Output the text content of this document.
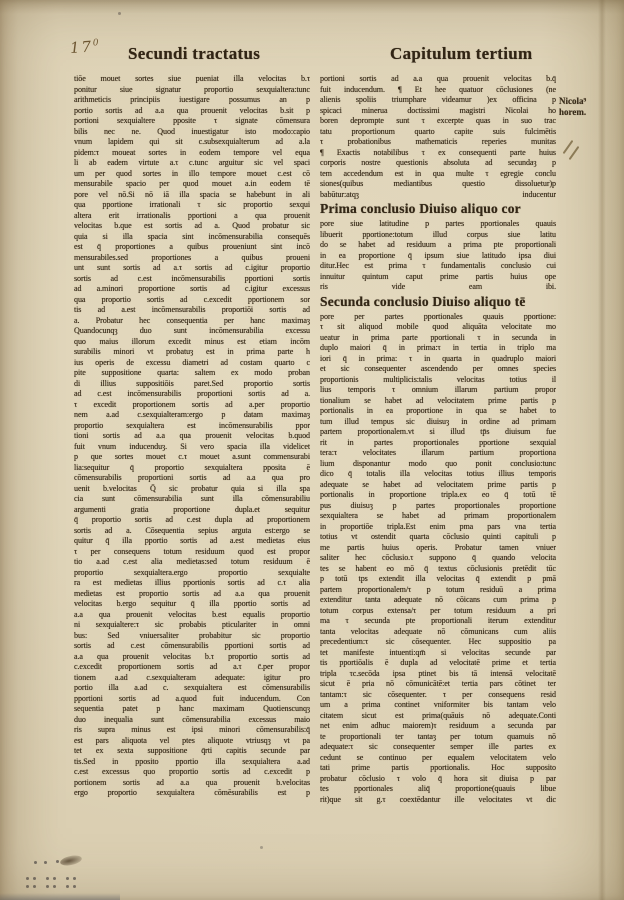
$17^0$
Secundi tractatus	Capitulum tertium
tiōe mouet sortes siue pueniat illa velocitas b.τ
ponitur siue signatur proportio sexquialtera:tunc
arithmeticis principiis iuestigare possumus an p
portio sortis ad a.a qua prouenit velocitas b.sit p
portioni sexquialtere pposite τ signate cōmensura
bilis nec ne. Quod inuestigatur isto modo:capio
vnum lapidem qui sit c.subsexquialterum ad a.la
pidem:τ moueat sortes in eodem tempore vel equa
li ab eadem virtute a.τ c.tunc arguitur sic vel spaci
um per quod sortes in illo tempore mouet c.est cō
mensurabile spacio per quod mouet a.in eodem tē
pore vel nō.Si nō iā illa spacia se habebunt in ali
qua pportione irrationali τ sic proportio sexqui
altera erit irrationalis pportioni a qua prouenit
velocitas b.que est sortis ad a. Quod probatur sic
quia si illa spacia sint incōmensurabilia consequēs
est q̄ proportiones a quibus proueniunt sint incō
mensurabiles.sed proportiones a quibus proueni
unt sunt sortis ad a.τ sortis ad c.igitur proportio
sortis ad c.est incōmensurabilis pportioni sortis
ad a.minori proportione sortis ad c.igitur excessus
qua proportio sortis ad c.excedit pportionem sor
tis ad a.est incōmensurabilis proportiōi sortis ad
a. Probatur hec consequentia per hanc maximaȝ
Quandocunqȝ duo sunt incōmensurabilia excessu
quo maius illorum excedit minus est etiam incōm
surabilis minori vt probatuȝ est in prima parte h
ius operis de excessu diametri ad costam quarto c
pite suppositione quarta: saltem ex modo proban
di illius suppositiōis paret.Sed proportio sortis
ad c.est incōmensurabilis proportioni sortis ad a.
τ excedit proportionem sortis ad a.per proportio
nem a.ad c.sexquialteram:ergo p datam maximaȝ
proportio sexquialtera est incōmensurabilis ppor
tioni sortis ad a.a qua prouenit velocitas b.quod
fuit vnum inducenduȝ. Si vero spacia illa videlicet
p que sortes mouet c.τ mouet a.sunt commensurabi
lia:sequitur q̄ proportio sexquialtera pposita ē
cōmensurabilis proportioni sortis ad a.a qua pro
uenit b.velocitas Q̄ sic probatur quia si illa spa
cia sunt cōmensurabilia sunt illa cōmensurabiliu
argumenti gratia proportione dupla.et sequitur
q̄ proportio sortis ad c.est dupla ad proportionem
sortis ad a. Cōsequentia sepius arguta est:ergo se
quitur q̄ illa pportio sortis ad a.est medietas eius
τ per consequens totum residuum quod est propor
tio a.ad c.est alia medietas:sed totum residuum ē
proportio sexquialtera.ergo proportio sexquialte
ra est medietas illius pportionis sortis ad c.τ alia
medietas est proportio sortis ad a.a qua prouenit
velocitas b.ergo sequitur q̄ illa pportio sortis ad
a.a qua prouenit velocitas b.est equalis proportio
ni sexquialtere:τ sic probabis pticulariter in omni
bus: Sed vniuersaliter probabitur sic proportio
sortis ad c.est cōmensurabilis pportioni sortis ad
a.a qua prouenit velocitas b.τ proportio sortis ad
c.excedit proportionem sortis ad a.τ c̄.per propor
tionem a.ad c.sexquialteram adequate: igitur pro
portio illa a.ad c. sexquialtera est cōmensurabilis
pportioni sortis ad a.quod fuit inducendum. Con
sequentia patet p hanc maximam Quotienscunqȝ
duo inequalia sunt cōmensurabilia excessus maio
ris supra minus est ipsi minori cōmensurabilis:q̄
est pars aliquota vel ptes aliquote vtriusqȝ vt pa
tet ex sexta suppositione q̄rti capitis secunde par
tis.Sed in pposito pportio illa sexquialtera a.ad
c.est excessus quo proportio sortis ad c.excedit p
portionem sortis ad a.a qua prouenit b.velocitas
ergo proportio sexquialtera cōmēsurabilis est p
portioni sortis ad a.a qua prouenit velocitas b.q̄
fuit inducendum. ¶ Et hee quatuor cōclusiones (ne
alienis spoliis triumphare videamur )ex officina p
spicaci minerua doctissimi magistri Nicolai ho
boren deprompte sunt τ excerpte quas in suo trac
tatu proportionum quarto capite suis fulcimētis
τ probationibus mathematicis reperies munitas
¶ Exactis notabilibus τ ex consequenti parte huius
corporis nostre questionis absoluta ad secundaȝ p
tem accedendum est in qua multe τ egregie conclu
siones(quibus mediantibus questio dissoluetur)p
babūtur:atqȝ inducentur
Prima conclusio Diuiso aliquo cor
pore siue latitudine p partes pportionales quauis
libuerit pportione:totum illud corpus siue latitu
do se habet ad residuum a prima pte proportionali
in ea proportione q̄ ipsum siue latitudo ipsa diui
ditur.Hec est prima τ fundamentalis conclusio cui
innuitur quintum caput prime partis huius ope
ris vide eam ibi.
Secunda conclusio Diuiso aliquo tē
pore per partes pportionales quauis pportione:
τ sit aliquod mobile quod aliquāta velocitate mo
ueatur in prima parte pportionali τ in secunda in
duplo maiori q̄ in prima:τ in tertia in triplo ma
iori q̄ in prima: τ in quarta in quadruplo maiori
et sic consequenter ascendendo per omnes species
proportionis multiplicis:talis velocitas totius il
lius temporis τ omnium illarum partium propor
tionalium se habet ad velocitatem prime partis p
portionalis in ea proportione in qua se habet to
tum illud tempus sic diuisuȝ in ordine ad primam
partem proportionalem.vt si illud tp̄s diuisum fue
rit in partes proportionales pportione sexquial
tera:τ velocitates illarum partium proportiona
lium disponantur modo quo ponit conclusio:tunc
dico q̄ totalis illa velocitas totius illius temporis
adequate se habet ad velocitatem prime partis p
portionalis in proportione tripla.ex eo q̄ totū tē
pus diuisuȝ p partes proportionales proportione
sexquialtera se habet ad primam proportionalem
in proportiōe tripla.Est enim pma pars vna tertia
totius vt ostendit quarta cōclusio quinti capituli p
me partis huius operis. Probatur tamen vniuer
saliter hec cōclusio.τ suppono q̄ quando velocita
tes se habent eo mō q̄ textus cōclusionis pretēdit tūc
p totū tps extendit illa velocitas q̄ extendit p pmā
partem proportionalem/τ p totum residuū a prima
extenditur tanta adequate nō cōicans cum prima p
totum corpus extensa/τ per totum residuum a pri
ma τ secunda pte proportionali iterum extenditur
tanta velocitas adequate nō cōmunicans cum aliis
precedentium:τ sic cōsequenter. Hec suppositio pa
tet manifeste intuenti:qm̄ si velocitas secunde par
tis pportiōalis ē dupla ad velocitatē prime et tertia
tripla τc.secōda ipsa ptinet bis tā intensā velocitatē
sicut ē pria nō cōmunicātē:et tertia pars cōtinet ter
tantam:τ sic cōsequenter. τ per consequens resid
um a prima continet vniformiter bis tantam velo
citatem sicut est prima(quāuis nō adequate.Conti
net enim adhuc maiorem)τ residuum a secunda par
te proportionali ter tantaȝ per totum quamuis nō
adequate:τ sic consequenter semper ille partes ex
cedunt se continuo per equalem velocitatem velo
tati prime partis pportionalis. Hoc supposito
probatur cōclusio τ volo q̄ hora sit diuisa p par
tes pportionales aliq̄ proportione(quauis libue
rit)que sit g.τ coextēdantur ille velocitates vt dic
Nicola⁹
horem.
